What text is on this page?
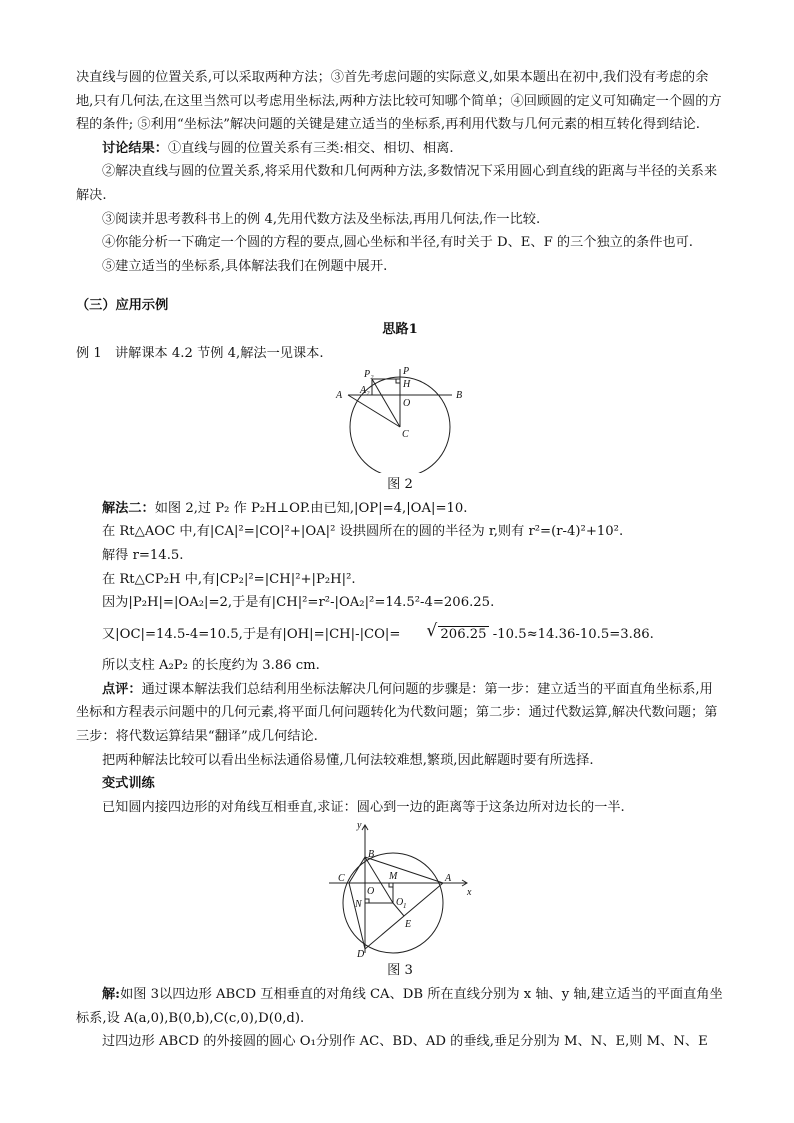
决直线与圆的位置关系,可以采取两种方法；③首先考虑问题的实际意义,如果本题出在初中,我们没有考虑的余地,只有几何法,在这里当然可以考虑用坐标法,两种方法比较可知哪个简单；④回顾圆的定义可知确定一个圆的方程的条件; ⑤利用“坐标法”解决问题的关键是建立适当的坐标系,再利用代数与几何元素的相互转化得到结论.

讨论结果：①直线与圆的位置关系有三类:相交、相切、相离.

②解决直线与圆的位置关系,将采用代数和几何两种方法,多数情况下采用圆心到直线的距离与半径的关系来解决.

③阅读并思考教科书上的例 4,先用代数方法及坐标法,再用几何法,作一比较.

④你能分析一下确定一个圆的方程的要点,圆心坐标和半径,有时关于 D、E、F 的三个独立的条件也可.

⑤建立适当的坐标系,具体解法我们在例题中展开.

（三）应用示例

思路1

例 1　讲解课本 4.2 节例 4,解法一见课本.

A	B
C
O
H
P
P₂
A₂

图 2

解法二：如图 2,过 P₂ 作 P₂H⊥OP.由已知,|OP|=4,|OA|=10.

在 Rt△AOC 中,有|CA|²=|CO|²+|OA|² 设拱圆所在的圆的半径为 r,则有 r²=(r-4)²+10².

解得 r=14.5.

在 Rt△CP₂H 中,有|CP₂|²=|CH|²+|P₂H|².

因为|P₂H|=|OA₂|=2,于是有|CH|²=r²-|OA₂|²=14.5²-4=206.25.

又|OC|=14.5-4=10.5,于是有|OH|=|CH|-|CO|=	√ 206.25 -10.5≈14.36-10.5=3.86.

所以支柱 A₂P₂ 的长度约为 3.86 cm.

点评：通过课本解法我们总结利用坐标法解决几何问题的步骤是：第一步：建立适当的平面直角坐标系,用坐标和方程表示问题中的几何元素,将平面几何问题转化为代数问题；第二步：通过代数运算,解决代数问题；第三步：将代数运算结果“翻译”成几何结论.

把两种解法比较可以看出坐标法通俗易懂,几何法较难想,繁琐,因此解题时要有所选择.

变式训练

已知圆内接四边形的对角线互相垂直,求证：圆心到一边的距离等于这条边所对边长的一半.

y
x
A
B
C
D
E
M
N
O
O 1

图 3

解:如图 3以四边形 ABCD 互相垂直的对角线 CA、DB 所在直线分别为 x 轴、y 轴,建立适当的平面直角坐标系,设 A(a,0),B(0,b),C(c,0),D(0,d).

过四边形 ABCD 的外接圆的圆心 O₁分别作 AC、BD、AD 的垂线,垂足分别为 M、N、E,则 M、N、E
